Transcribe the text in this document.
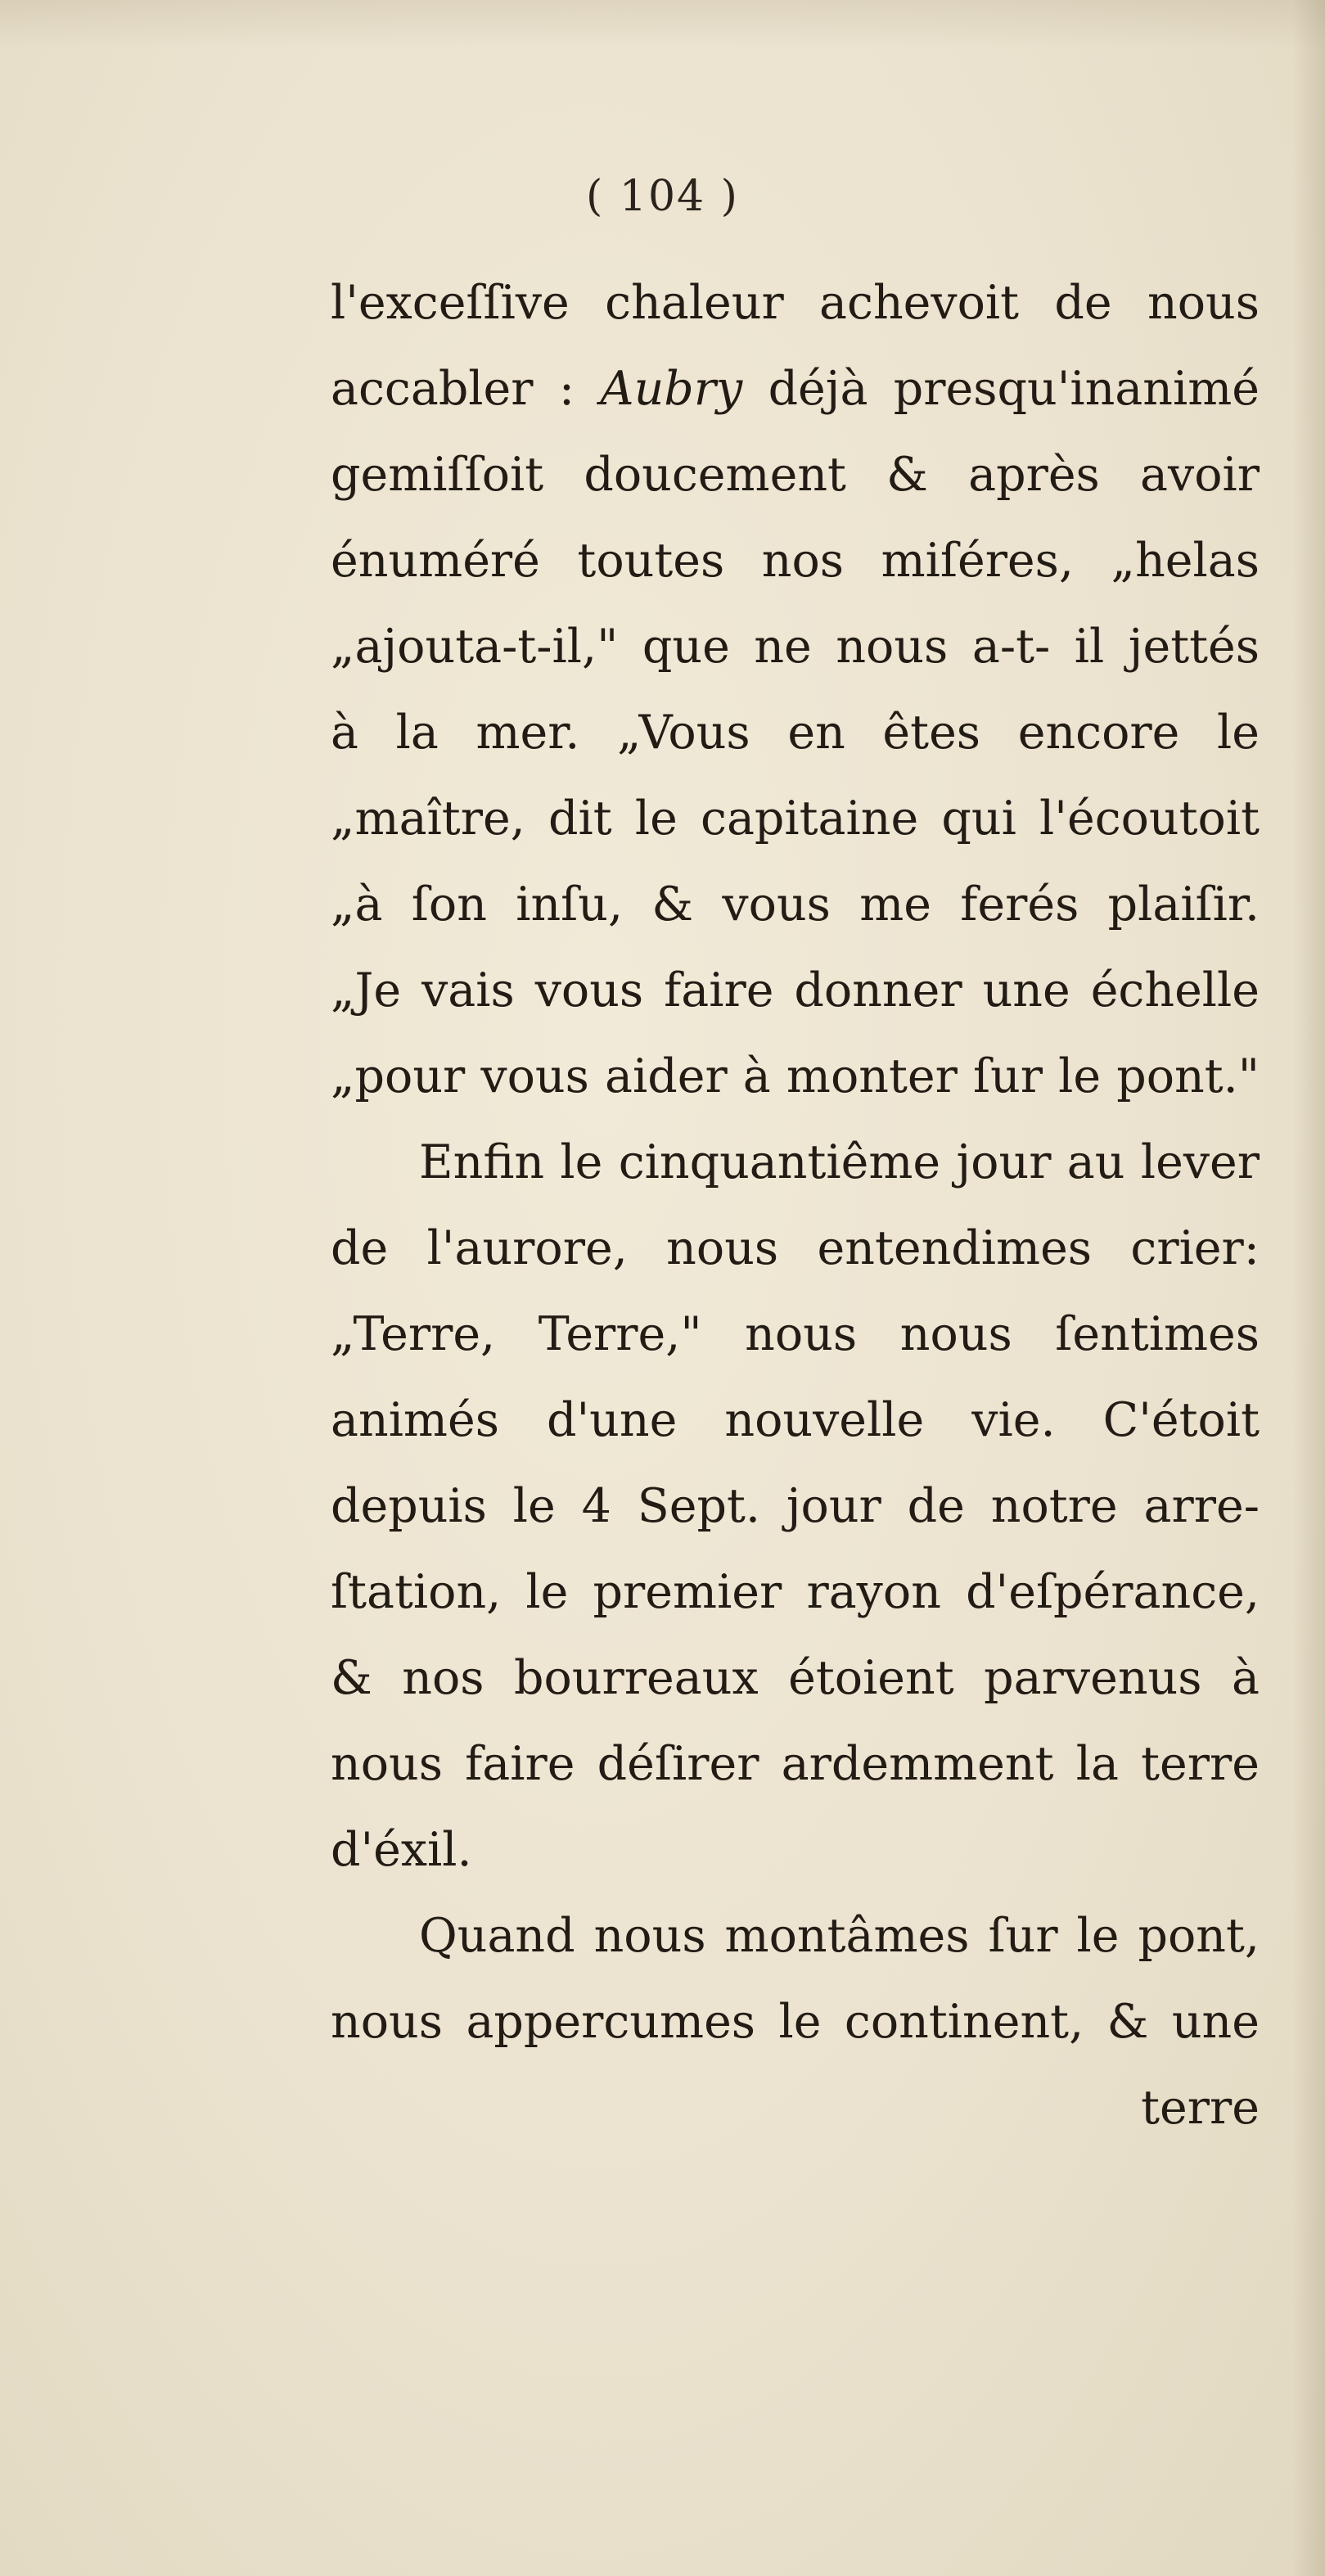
( 104 )
l'exceſſive chaleur achevoit de nous
accabler : Aubry déjà presqu'inanimé
gemiſſoit doucement & après avoir
énuméré toutes nos miſéres, „helas
„ajouta-t-il," que ne nous a-t- il jettés
à la mer. „Vous en êtes encore le
„maître, dit le capitaine qui l'écoutoit
„à ſon inſu, & vous me ferés plaiſir.
„Je vais vous faire donner une échelle
„pour vous aider à monter ſur le pont."
Enfin le cinquantiême jour au lever
de l'aurore, nous entendimes crier:
„Terre, Terre," nous nous ſentimes
animés d'une nouvelle vie. C'étoit
depuis le 4 Sept. jour de notre arre-
ſtation, le premier rayon d'eſpérance,
& nos bourreaux étoient parvenus à
nous faire déſirer ardemment la terre
d'éxil.
Quand nous montâmes ſur le pont,
nous appercumes le continent, & une
terre
